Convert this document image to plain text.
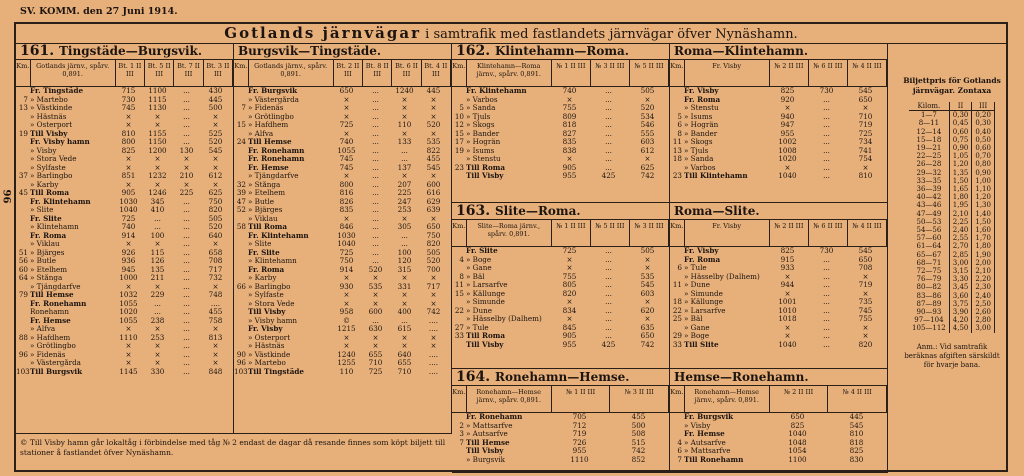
SV. KOMM. den 27 Juni 1914.
96
Gotlands järnvägar i samtrafik med fastlandets järnvägar öfver Nynäshamn.
161. Tingstäde—Burgsvik.
Km.	Gotlands järnv., spårv. 0,891.
Bt. 1 II III
Bt. 5 II III
Bt. 7 II III
Bt. 3 II III
Fr. Tingstäde	715	1100	...	430
7 » Martebo	730	1115	...	445
13 » Västkinde	745	1130	...	500
» Hästnäs	×	×	...	×
» Österport	×	×	...	×
19 Till Visby	810	1155	...	525
Fr. Visby hamn	800	1150	...	520
» Visby	825	1200	130	545
» Stora Vede	×	×	×	×
» Sylfaste	×	×	×	×
37 » Barlingbo	851	1232	210	612
» Karby	×	×	×	×
45 Till Roma	905	1246	225	625
Fr. Klintehamn	1030	345	...	750
» Slite	1040	410	...	820
Fr. Slite	725	...	...	505
» Klintehamn	740	...	...	520
Fr. Roma	914	100	...	640
» Viklau	×	×	...	×
51 » Bjärges	926	115	...	658
56 » Butle	936	126	...	708
60 » Etelhem	945	135	...	717
64 » Stånga	1000	211	...	732
» Tjängdarfve	×	×	...	×
79 Till Hemse	1032	229	...	748
Fr. Ronehamn	1055	...	...	....
Ronehamn	1020	...	...	455
Fr. Hemse	1055	238	...	758
» Alfva	×	×	...	×
88 » Hafdhem	1110	253	...	813
» Grötlingbo	×	×	...	×
96 » Fidenäs	×	×	...	×
» Västergårda	×	×	...	×
103 Till Burgsvik	1145	330	...	848
Burgsvik—Tingstäde.
Km.	Gotlands järnv., spårv. 0,891.
Bt. 2 II III
Bt. 8 II III
Bt. 6 II III
Bt. 4 II III
Fr. Burgsvik	650	...	1240	445
» Västergårda	×	...	×	×
7 » Fidenäs	×	...	×	×
» Grötlingbo	×	...	×	×
15 » Hafdhem	725	...	110	520
» Alfva	×	...	×	×
24 Till Hemse	740	...	133	535
Fr. Ronehamn	1055	...	...	822
Fr. Ronehamn	745	...	...	455
Fr. Hemse	745	...	137	545
» Tjängdarfve	×	...	×	×
32 » Stånga	800	...	207	600
39 » Etelhem	816	...	225	616
47 » Butle	826	...	247	629
52 » Bjärges	835	...	253	639
» Viklau	×	...	×	×
58 Till Roma	846	...	305	650
Fr. Klintehamn	1030	...	...	750
» Slite	1040	...	...	820
Fr. Slite	725	...	100	505
» Klintehamn	750	...	120	520
Fr. Roma	914	520	315	700
» Karby	×	×	×	×
66 » Barlingbo	930	535	331	717
» Sylfaste	×	×	×	×
» Stora Vede	×	×	×	×
Till Visby	958	600	400	742
» Visby hamn	©	...	...	....
Fr. Visby	1215	630	615	....
» Österport	×	×	×	×
» Hästnäs	×	×	×	×
90 » Västkinde	1240	655	640	....
96 » Martebo	1255	710	655	....
103 Till Tingstäde	110	725	710	....
162. Klintehamn—Roma.
Km.	Klintehamn—Roma järnv., spårv. 0,891.
№ 1 II III	№ 3 II III	№ 5 II III
Fr. Klintehamn	740	...	505
» Varbos	×	...	×
5 » Sanda	755	...	520
10 » Tjuls	809	...	534
12 » Skogs	818	...	546
15 » Bander	827	...	555
17 » Hogrän	835	...	603
19 » Isums	838	...	612
» Stenstu	×	...	×
23 Till Roma	905	...	625
Till Visby	955	425	742
Roma—Klintehamn.
Km.	Fr. Visby	№ 2 II III	№ 6 II III	№ 4 II III
Fr. Visby	825	730	545
Fr. Roma	920	...	650
» Stenstu	×	...	×
5 » Isums	940	...	710
6 » Hogrän	947	...	719
8 » Bander	955	...	725
11 » Skogs	1002	...	734
13 » Tjuls	1008	...	741
18 » Sanda	1020	...	754
» Varbos	×	...	×
23 Till Klintehamn	1040	...	810
163. Slite—Roma.
Km.	Slite—Roma järnv., spårv. 0,891.
№ 1 II III	№ 5 II III	№ 3 II III
Fr. Slite	725	...	505
4 » Boge	×	...	×
» Gane	×	...	×
8 » Bäl	755	...	535
11 » Larsarfve	805	...	545
15 » Källunge	820	...	603
» Simunde	×	...	×
22 » Dune	834	...	620
» Hässelby (Dalhem)	×	...	×
27 » Tule	845	...	635
33 Till Roma	905	...	650
Till Visby	955	425	742
Roma—Slite.
Km.	Fr. Visby	№ 2 II III	№ 6 II III	№ 4 II III
Fr. Visby	825	730	545
Fr. Roma	915	...	650
6 » Tule	933	...	708
» Hässelby (Dalhem)	×	...	×
11 » Dune	944	...	719
» Simunde	×	...	×
18 » Källunge	1001	...	735
22 » Larsarfve	1010	...	745
25 » Bäl	1018	...	755
» Gane	×	...	×
29 » Boge	×	...	×
33 Till Slite	1040	...	820
164. Ronehamn—Hemse.
Km.	Ronehamn—Hemse järnv., spårv. 0,891.
№ 1 II III	№ 3 II III
Fr. Ronehamn	705	455
2 » Mattsarfve	712	500
3 » Autsarfve	719	508
7 Till Hemse	726	515
Till Visby	955	742
» Burgsvik	1110	852
Hemse—Ronehamn.
Km.	Ronehamn—Hemse järnv., spårv. 0,891.
№ 2 II III	№ 4 II III
Fr. Burgsvik	650	445
» Visby	825	545
Fr. Hemse	1040	810
4 » Autsarfve	1048	818
6 » Mattsarfve	1054	825
7 Till Ronehamn	1100	830
Biljettpris för Gotlands järnvägar. Zontaxa
Kilom.	II	III
1—7	0,30	0,20
8—11	0,45	0,30
12—14	0,60	0,40
15—18	0,75	0,50
19—21	0,90	0,60
22—25	1,05	0,70
26—28	1,20	0,80
29—32	1,35	0,90
33—35	1,50	1,00
36—39	1,65	1,10
40—42	1,80	1,20
43—46	1,95	1,30
47—49	2,10	1,40
50—53	2,25	1,50
54—56	2,40	1,60
57—60	2,55	1,70
61—64	2,70	1,80
65—67	2,85	1,90
68—71	3,00	2,00
72—75	3,15	2,10
76—79	3,30	2,20
80—82	3,45	2,30
83—86	3,60	2,40
87—89	3,75	2,50
90—93	3,90	2,60
97—104	4,20	2,80
105—112	4,50	3,00
Anm.: Vid samtrafik beräknas afgiften särskildt för hvarje bana.
© Till Visby hamn går lokaltåg i förbindelse med tåg № 2 endast de dagar då resande finnes som köpt biljett till stationer å fastlandet öfver Nynäshamn.
